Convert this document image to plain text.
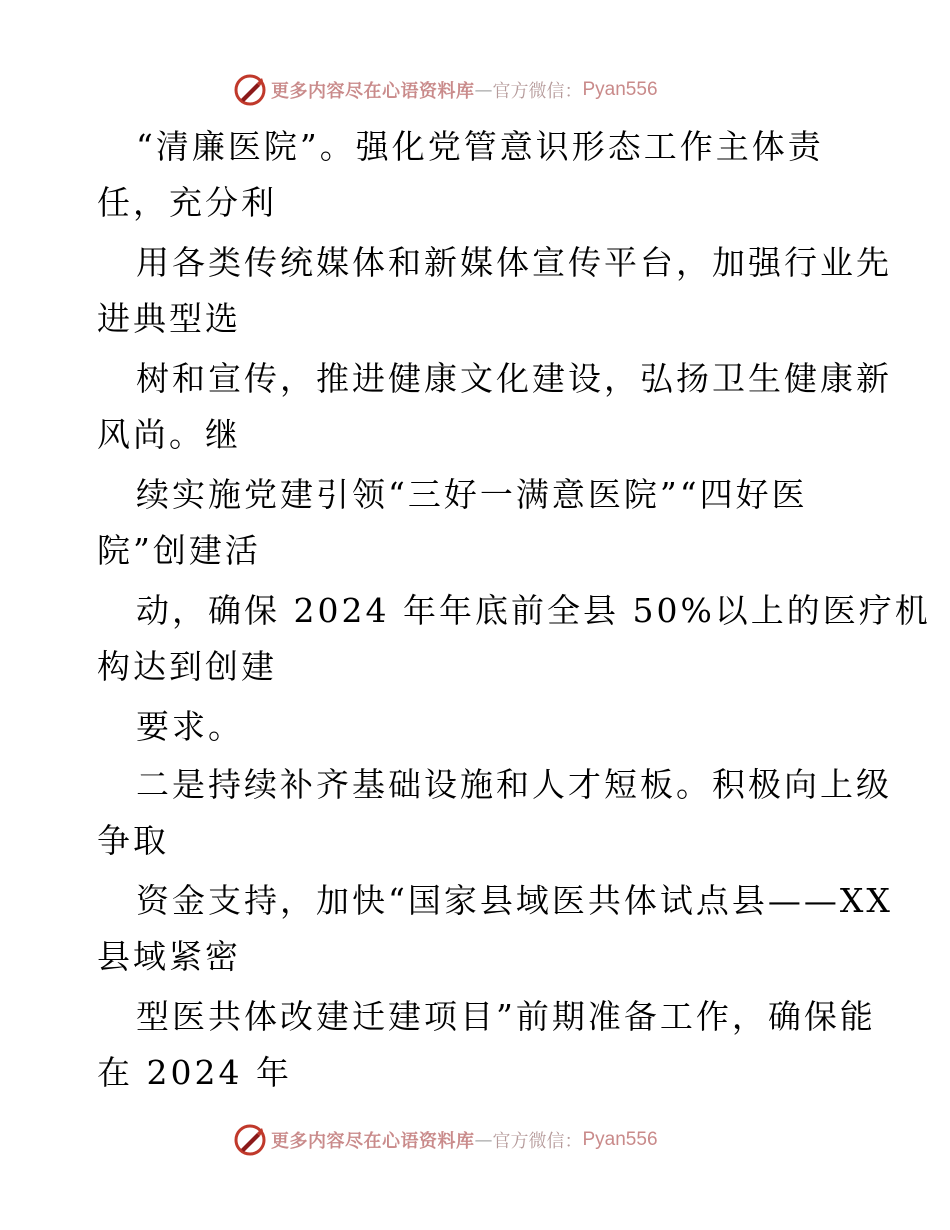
更多内容尽在心语资料库 — 官方微信： Pyan556
“清廉医院”。强化党管意识形态工作主体责
任，充分利
用各类传统媒体和新媒体宣传平台，加强行业先
进典型选
树和宣传，推进健康文化建设，弘扬卫生健康新
风尚。继
续实施党建引领“三好一满意医院”“四好医
院”创建活
动，确保 2024 年年底前全县 50%以上的医疗机
构达到创建
要求。
二是持续补齐基础设施和人才短板。积极向上级
争取
资金支持，加快“国家县域医共体试点县——XX
县域紧密
型医共体改建迁建项目”前期准备工作，确保能
在 2024 年
更多内容尽在心语资料库 — 官方微信： Pyan556
